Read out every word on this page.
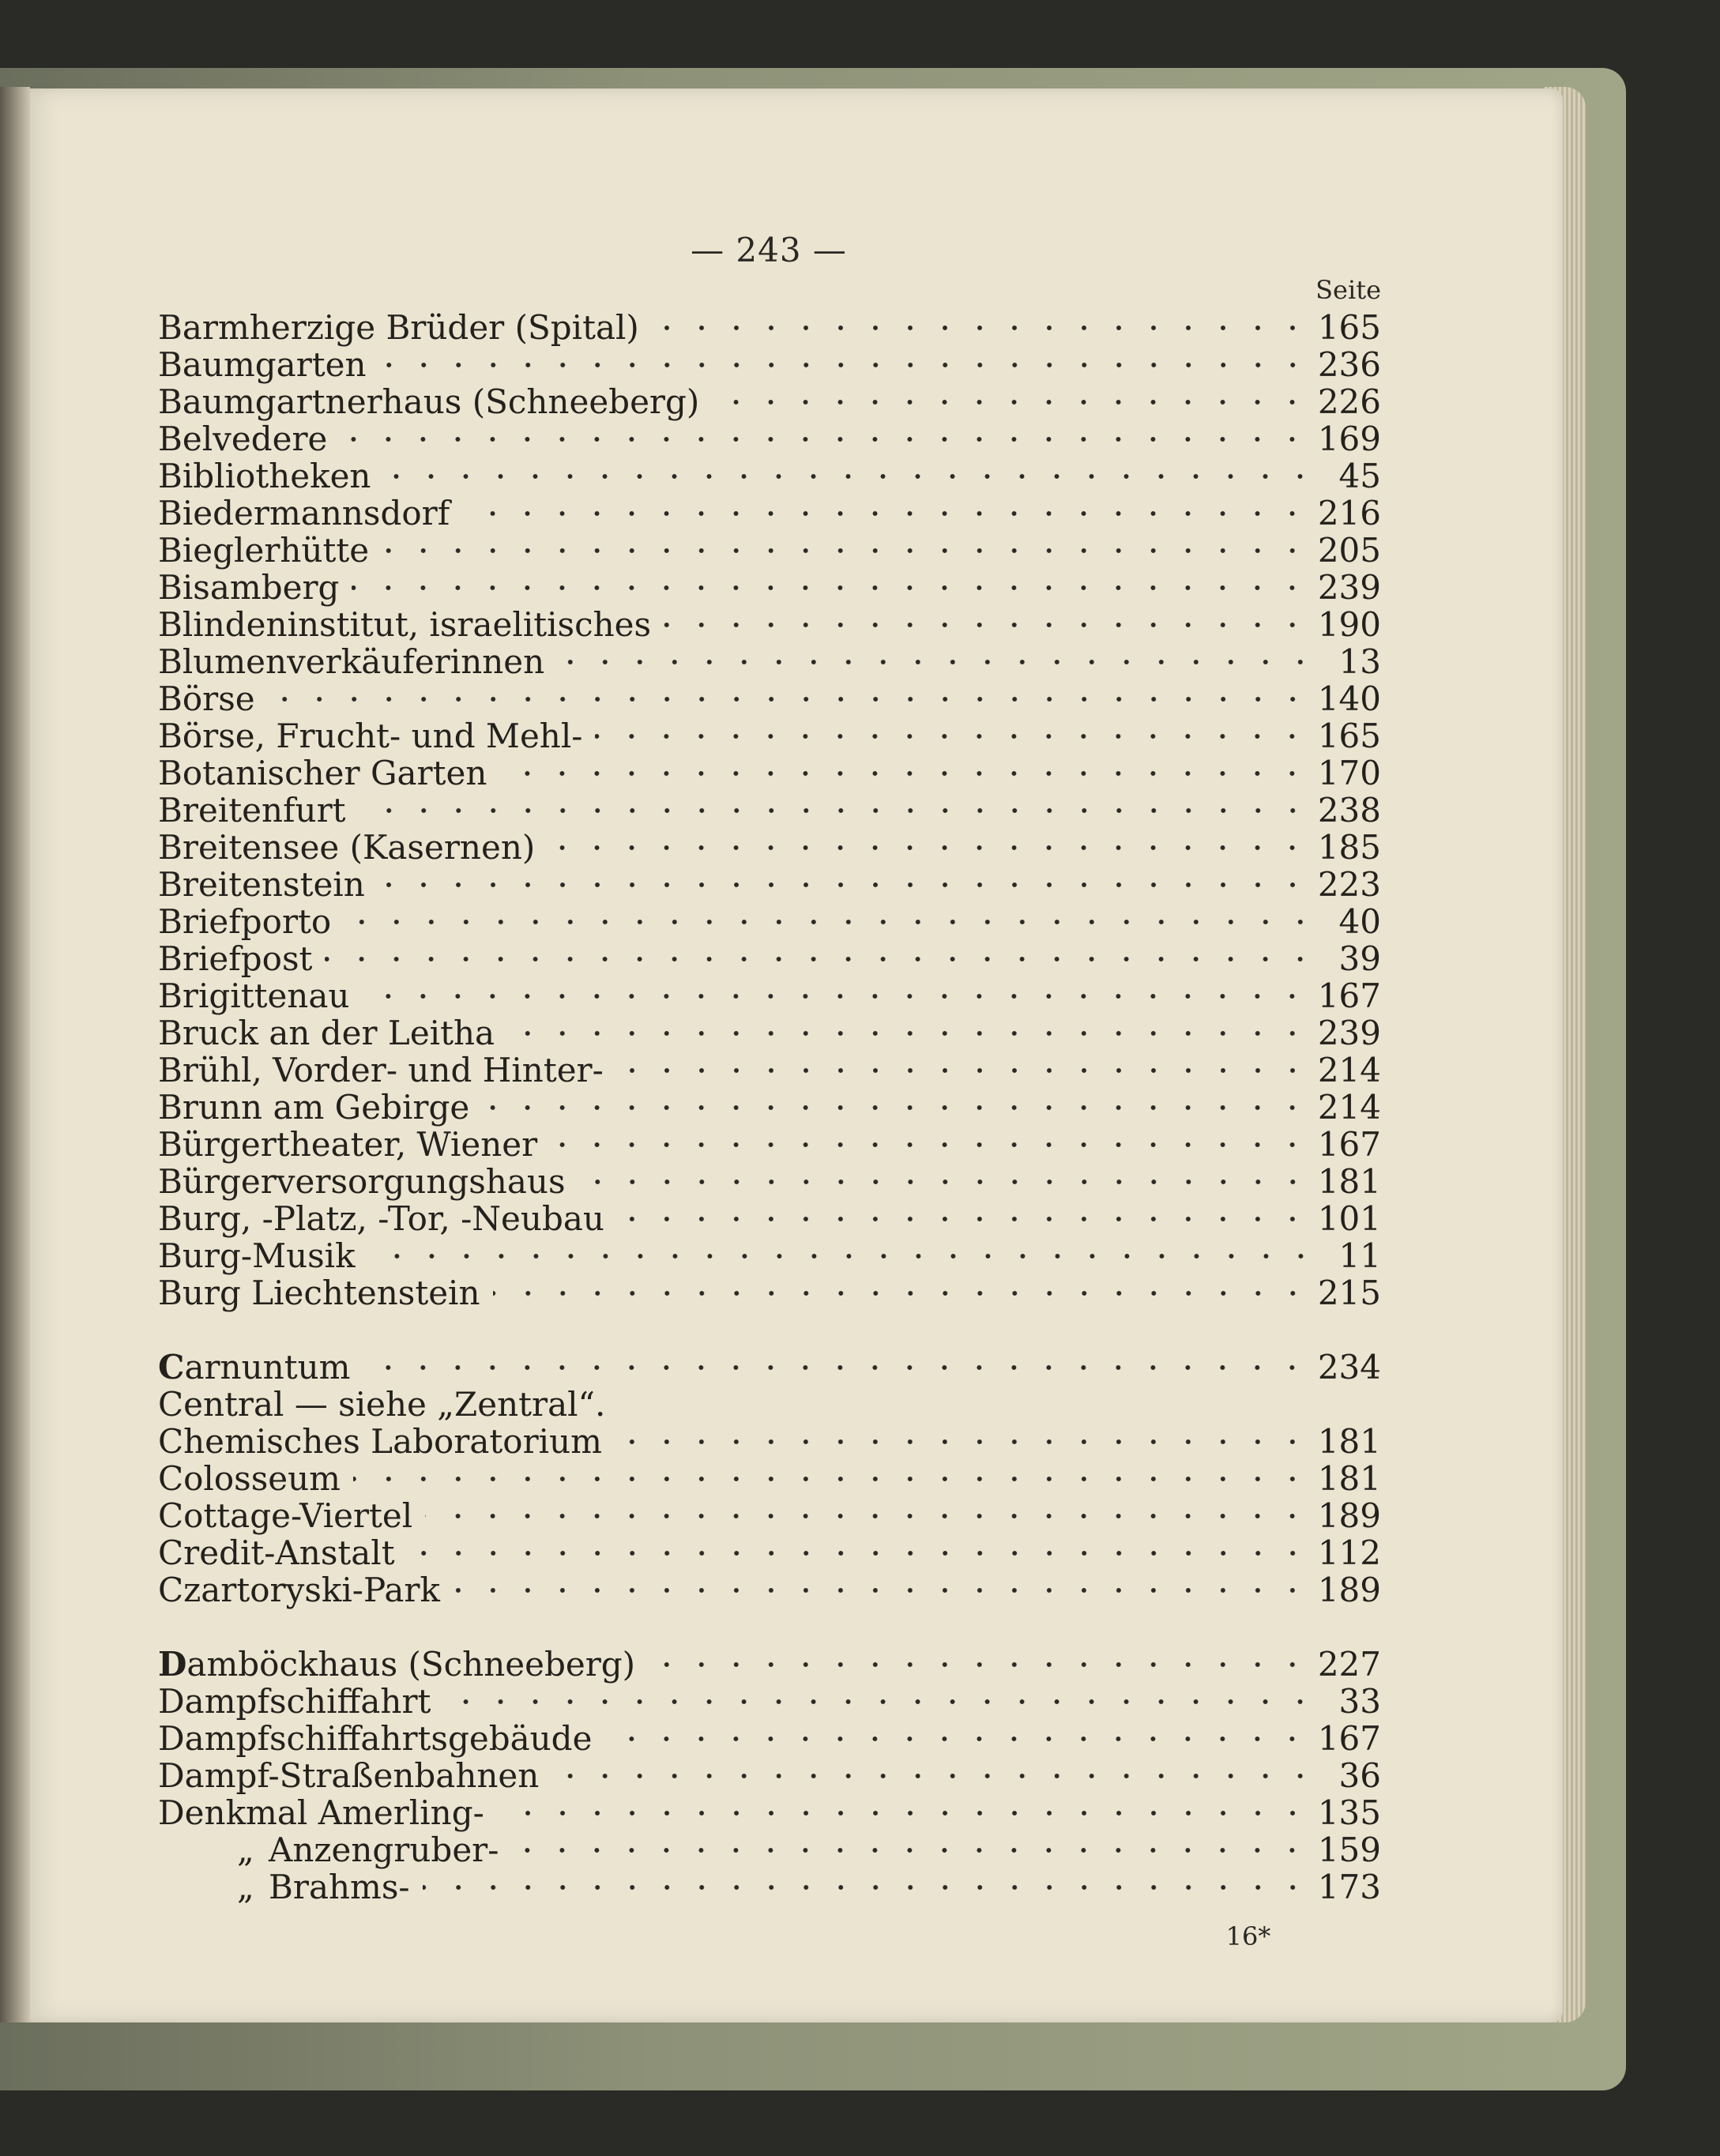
— 243 —
Seite
Barmherzige Brüder (Spital)	165
Baumgarten	236
Baumgartnerhaus (Schneeberg)	226
Belvedere	169
Bibliotheken	45
Biedermannsdorf	216
Bieglerhütte	205
Bisamberg	239
Blindeninstitut, israelitisches	190
Blumenverkäuferinnen	13
Börse	140
Börse, Frucht- und Mehl-	165
Botanischer Garten	170
Breitenfurt	238
Breitensee (Kasernen)	185
Breitenstein	223
Briefporto	40
Briefpost	39
Brigittenau	167
Bruck an der Leitha	239
Brühl, Vorder- und Hinter-	214
Brunn am Gebirge	214
Bürgertheater, Wiener	167
Bürgerversorgungshaus	181
Burg, -Platz, -Tor, -Neubau	101
Burg-Musik	11
Burg Liechtenstein	215
Carnuntum	234
Central — siehe „Zentral“.
Chemisches Laboratorium	181
Colosseum	181
Cottage-Viertel	189
Credit-Anstalt	112
Czartoryski-Park	189
Damböckhaus (Schneeberg)	227
Dampfschiffahrt	33
Dampfschiffahrtsgebäude	167
Dampf-Straßenbahnen	36
Denkmal Amerling-	135
„ Anzengruber-	159
„ Brahms-	173
16*
